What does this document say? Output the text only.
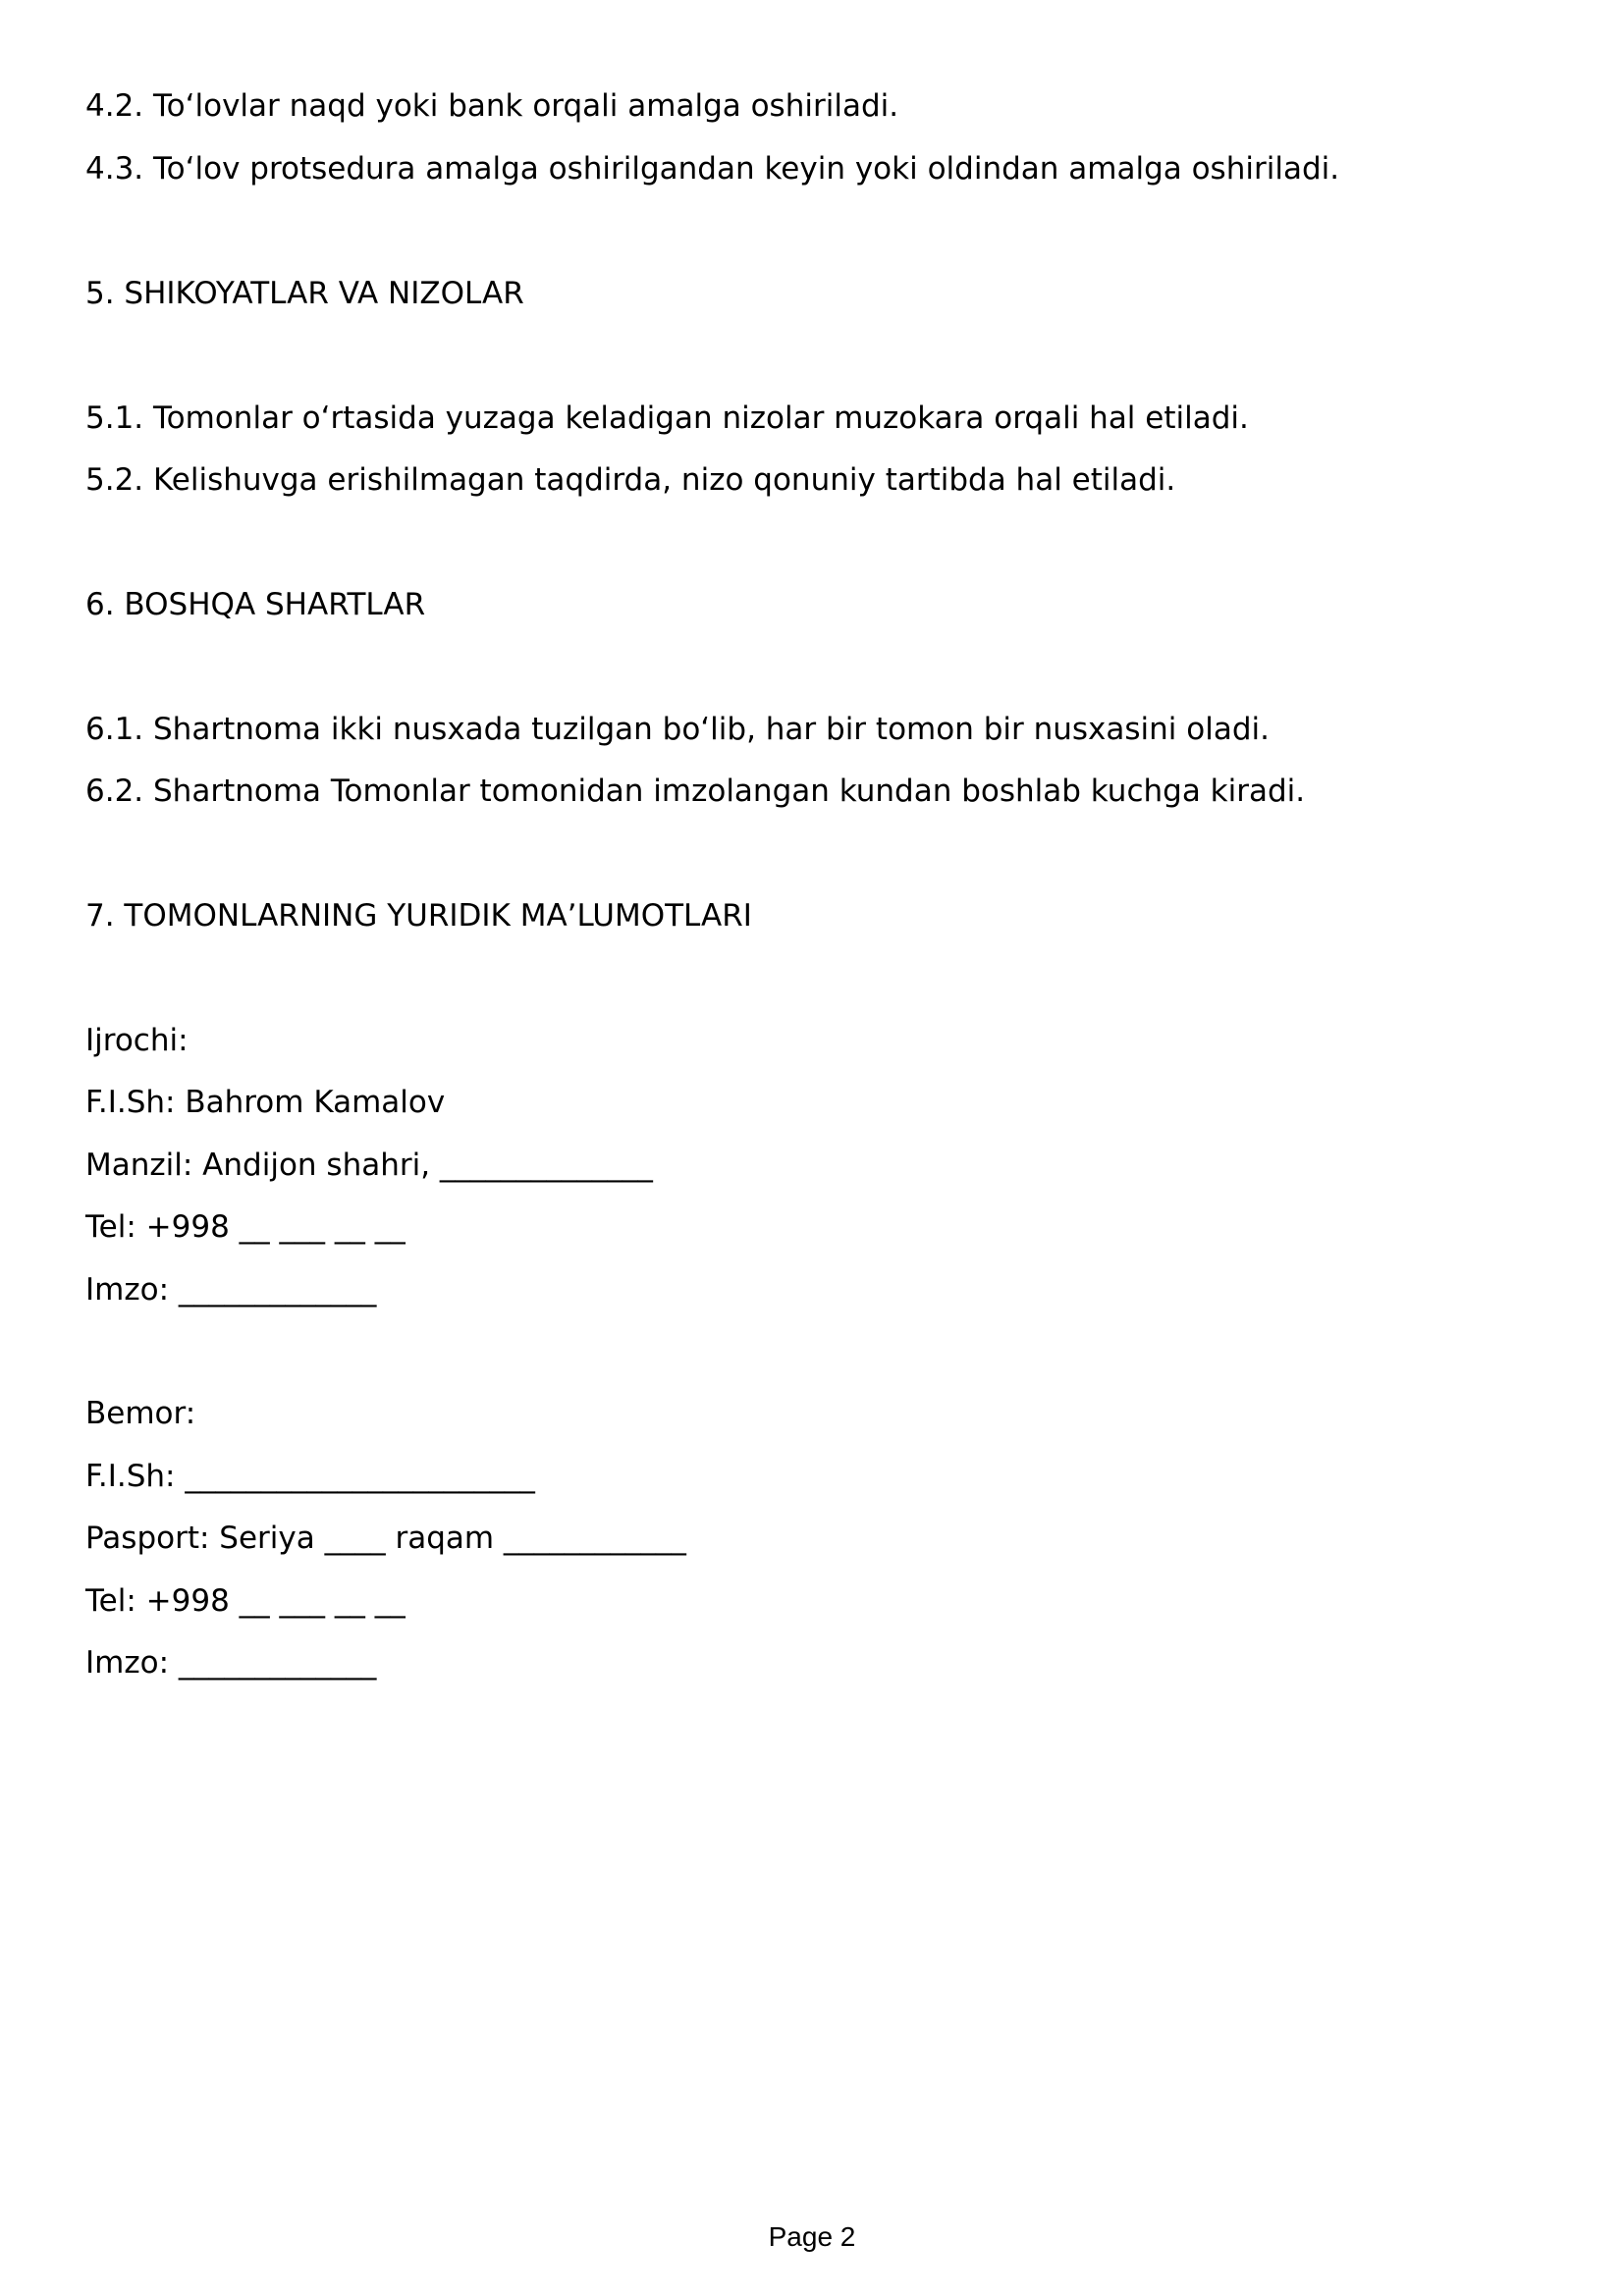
4.2. To‘lovlar naqd yoki bank orqali amalga oshiriladi.

4.3. To‘lov protsedura amalga oshirilgandan keyin yoki oldindan amalga oshiriladi.

5. SHIKOYATLAR VA NIZOLAR

5.1. Tomonlar o‘rtasida yuzaga keladigan nizolar muzokara orqali hal etiladi.

5.2. Kelishuvga erishilmagan taqdirda, nizo qonuniy tartibda hal etiladi.

6. BOSHQA SHARTLAR

6.1. Shartnoma ikki nusxada tuzilgan bo‘lib, har bir tomon bir nusxasini oladi.

6.2. Shartnoma Tomonlar tomonidan imzolangan kundan boshlab kuchga kiradi.

7. TOMONLARNING YURIDIK MA’LUMOTLARI

Ijrochi:

F.I.Sh: Bahrom Kamalov

Manzil: Andijon shahri, ______________

Tel: +998 __ ___ __ __

Imzo: _____________

Bemor:

F.I.Sh: _______________________

Pasport: Seriya ____ raqam ____________

Tel: +998 __ ___ __ __

Imzo: _____________

Page 2
